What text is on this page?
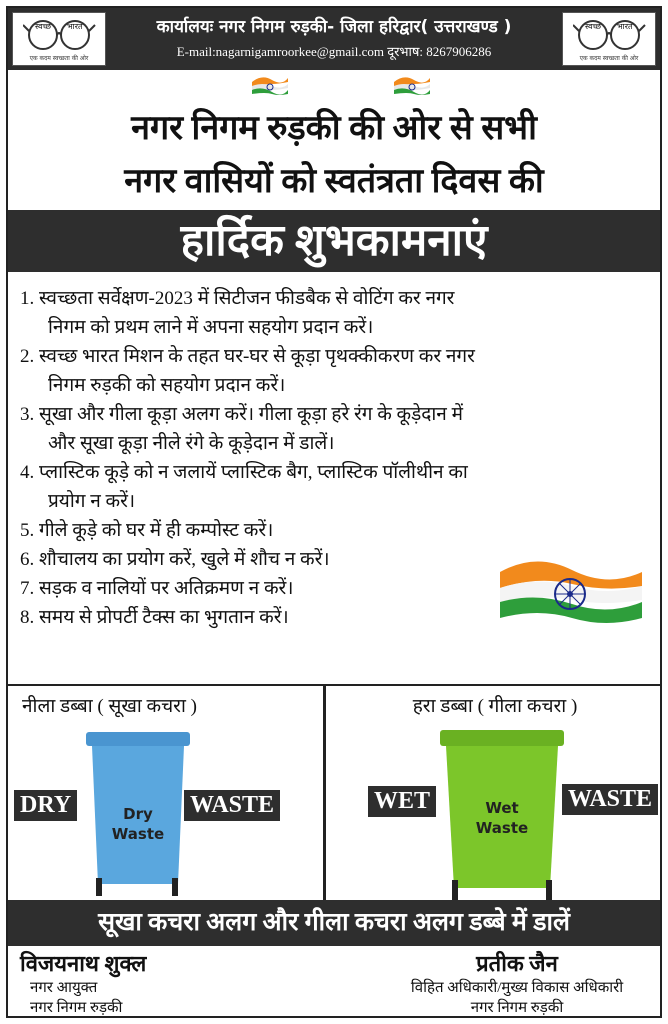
स्वच्छ भारत
एक कदम स्वच्छता की ओर
कार्यालयः नगर निगम रुड़की- जिला हरिद्वार( उत्तराखण्ड )
E-mail:nagarnigamroorkee@gmail.com दूरभाष: 8267906286
स्वच्छ भारत
एक कदम स्वच्छता की ओर
नगर निगम रुड़की की ओर से सभी
नगर वासियों को स्वतंत्रता दिवस की
हार्दिक शुभकामनाएं
1. स्वच्छता सर्वेक्षण-2023 में सिटीजन फीडबैक से वोटिंग कर नगर
निगम को प्रथम लाने में अपना सहयोग प्रदान करें।
2. स्वच्छ भारत मिशन के तहत घर-घर से कूड़ा पृथक्कीकरण कर नगर
निगम रुड़की को सहयोग प्रदान करें।
3. सूखा और गीला कूड़ा अलग करें। गीला कूड़ा हरे रंग के कूड़ेदान में
और सूखा कूड़ा नीले रंगे के कूड़ेदान में डालें।
4. प्लास्टिक कूड़े को न जलायें प्लास्टिक बैग, प्लास्टिक पॉलीथीन का
प्रयोग न करें।
5. गीले कूड़े को घर में ही कम्पोस्ट करें।
6. शौचालय का प्रयोग करें, खुले में शौच न करें।
7. सड़क व नालियों पर अतिक्रमण न करें।
8. समय से प्रोपर्टी टैक्स का भुगतान करें।
नीला डब्बा ( सूखा कचरा )
Dry
Waste
DRY	WASTE
हरा डब्बा ( गीला कचरा )
Wet
Waste
WET	WASTE
सूखा कचरा अलग और गीला कचरा अलग डब्बे में डालें
विजयनाथ शुक्ल
नगर आयुक्त
नगर निगम रुड़की
प्रतीक जैन
विहित अधिकारी/मुख्य विकास अधिकारी
नगर निगम रुड़की
